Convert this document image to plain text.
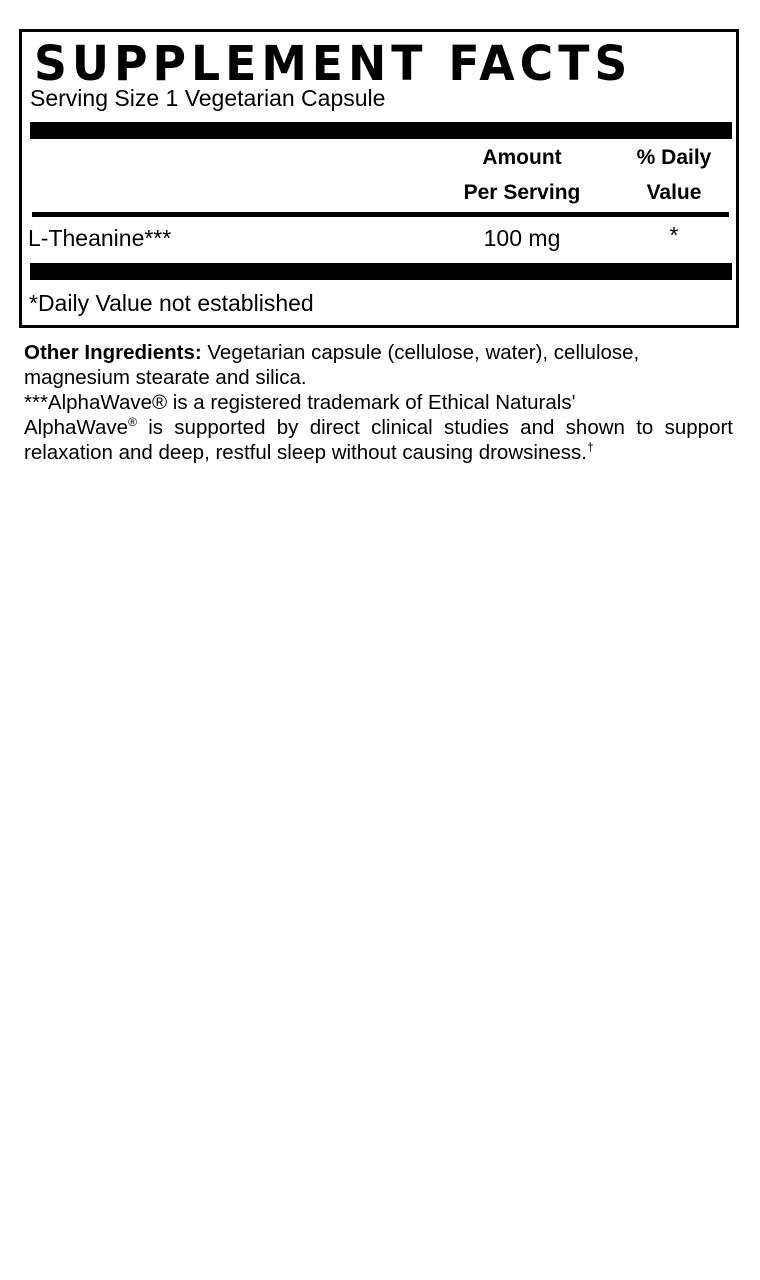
SUPPLEMENT FACTS
Serving Size 1 Vegetarian Capsule
Amount
Per Serving
% Daily
Value
L-Theanine***	100 mg	*
*Daily Value not established

Other Ingredients: Vegetarian capsule (cellulose, water), cellulose, magnesium stearate and silica.

***AlphaWave® is a registered trademark of Ethical Naturals'

AlphaWave® is supported by direct clinical studies and shown to support relaxation and deep, restful sleep without causing drowsiness.†
